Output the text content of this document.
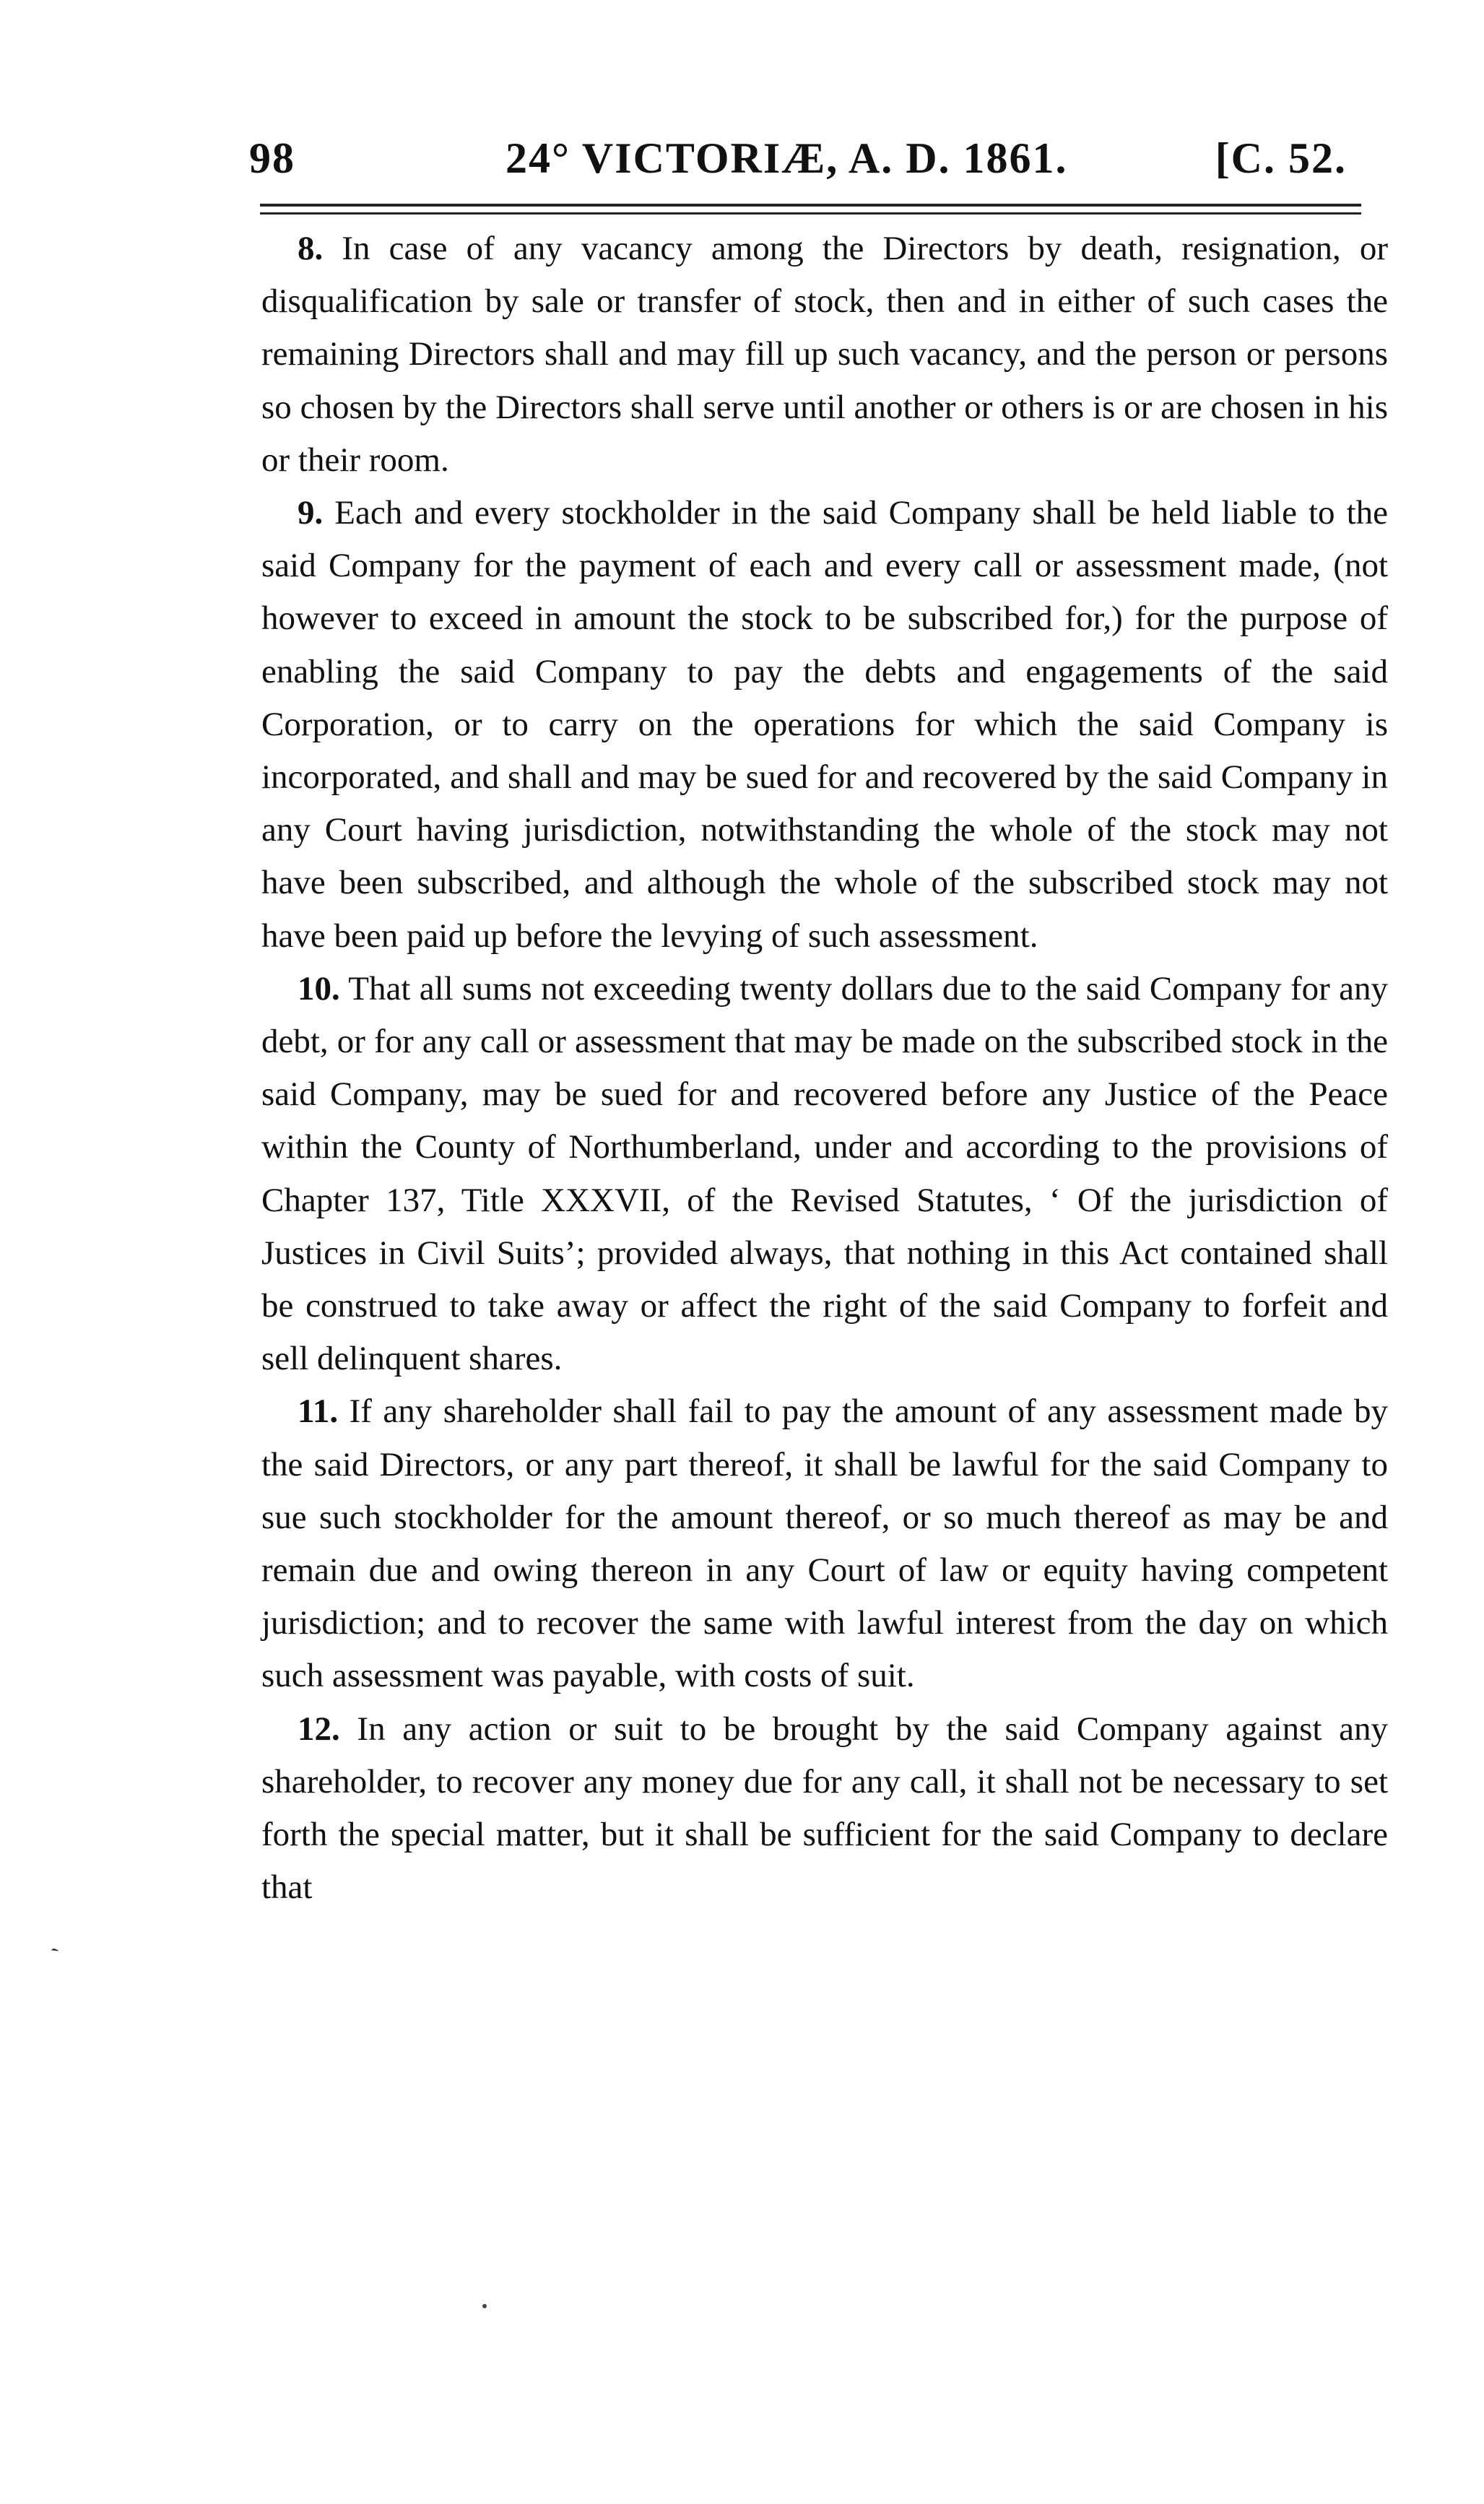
98	24° VICTORIÆ, A. D. 1861.	[C. 52.

8. In case of any vacancy among the Directors by death, resignation, or disqualification by sale or transfer of stock, then and in either of such cases the remaining Directors shall and may fill up such vacancy, and the person or persons so chosen by the Directors shall serve until another or others is or are chosen in his or their room.

9. Each and every stockholder in the said Company shall be held liable to the said Company for the payment of each and every call or assessment made, (not however to exceed in amount the stock to be subscribed for,) for the purpose of enabling the said Company to pay the debts and engagements of the said Corporation, or to carry on the operations for which the said Company is incorporated, and shall and may be sued for and recovered by the said Company in any Court having jurisdiction, notwithstanding the whole of the stock may not have been subscribed, and although the whole of the subscribed stock may not have been paid up before the levying of such assessment.

10. That all sums not exceeding twenty dollars due to the said Company for any debt, or for any call or assessment that may be made on the subscribed stock in the said Company, may be sued for and recovered before any Justice of the Peace within the County of Northumberland, under and according to the provisions of Chapter 137, Title XXXVII, of the Revised Statutes, ‘ Of the jurisdiction of Justices in Civil Suits’; provided always, that nothing in this Act contained shall be construed to take away or affect the right of the said Company to forfeit and sell delinquent shares.

11. If any shareholder shall fail to pay the amount of any assessment made by the said Directors, or any part thereof, it shall be lawful for the said Company to sue such stockholder for the amount thereof, or so much thereof as may be and remain due and owing thereon in any Court of law or equity having competent jurisdiction; and to recover the same with lawful interest from the day on which such assessment was payable, with costs of suit.

12. In any action or suit to be brought by the said Company against any shareholder, to recover any money due for any call, it shall not be necessary to set forth the special matter, but it shall be sufficient for the said Company to declare that

ˏ
